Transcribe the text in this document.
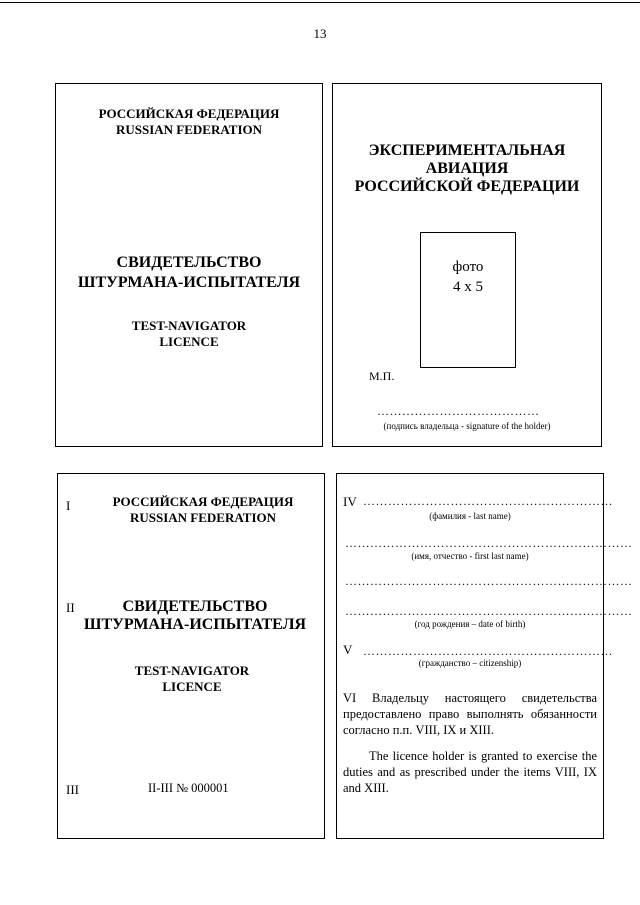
13
РОССИЙСКАЯ ФЕДЕРАЦИЯ
RUSSIAN FEDERATION
СВИДЕТЕЛЬСТВО
ШТУРМАНА-ИСПЫТАТЕЛЯ
TEST-NAVIGATOR
LICENCE
ЭКСПЕРИМЕНТАЛЬНАЯ
АВИАЦИЯ
РОССИЙСКОЙ ФЕДЕРАЦИИ
фото
4 х 5
М.П.
…………………………………
(подпись владельца - signature of the holder)
I	РОССИЙСКАЯ ФЕДЕРАЦИЯ
RUSSIAN FEDERATION
II	СВИДЕТЕЛЬСТВО
ШТУРМАНА-ИСПЫТАТЕЛЯ
TEST-NAVIGATOR
LICENCE
III	II-III № 000001
IV ……………………………………………………
(фамилия - last name)
……………………………………………………………
(имя, отчество - first last name)
……………………………………………………………
……………………………………………………………
(год рождения – date of birth)
V ……………………………………………………
(гражданство – citizenship)
VI Владельцу настоящего свидетельства предоставлено право выполнять обязанности согласно п.п. VIII, IX и XIII.
The licence holder is granted to exercise the duties and as prescribed under the items VIII, IX and XIII.
